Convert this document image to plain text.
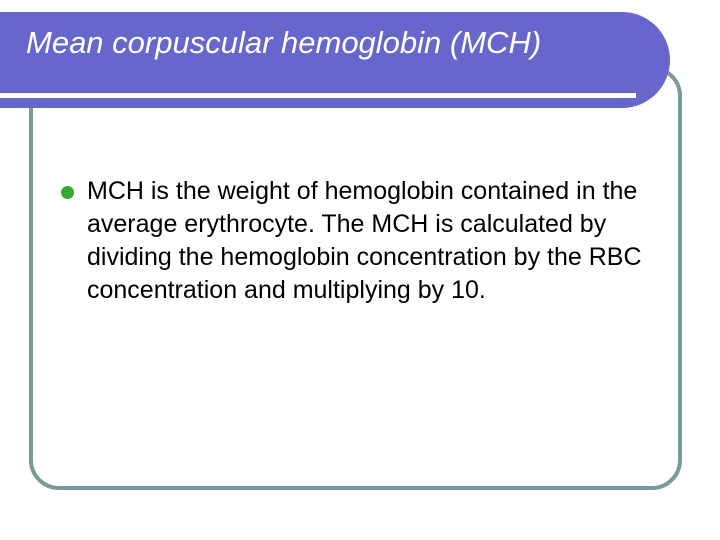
Mean corpuscular hemoglobin (MCH)
MCH is the weight of hemoglobin contained in the average erythrocyte. The MCH is calculated by dividing the hemoglobin concentration by the RBC concentration and multiplying by 10.
